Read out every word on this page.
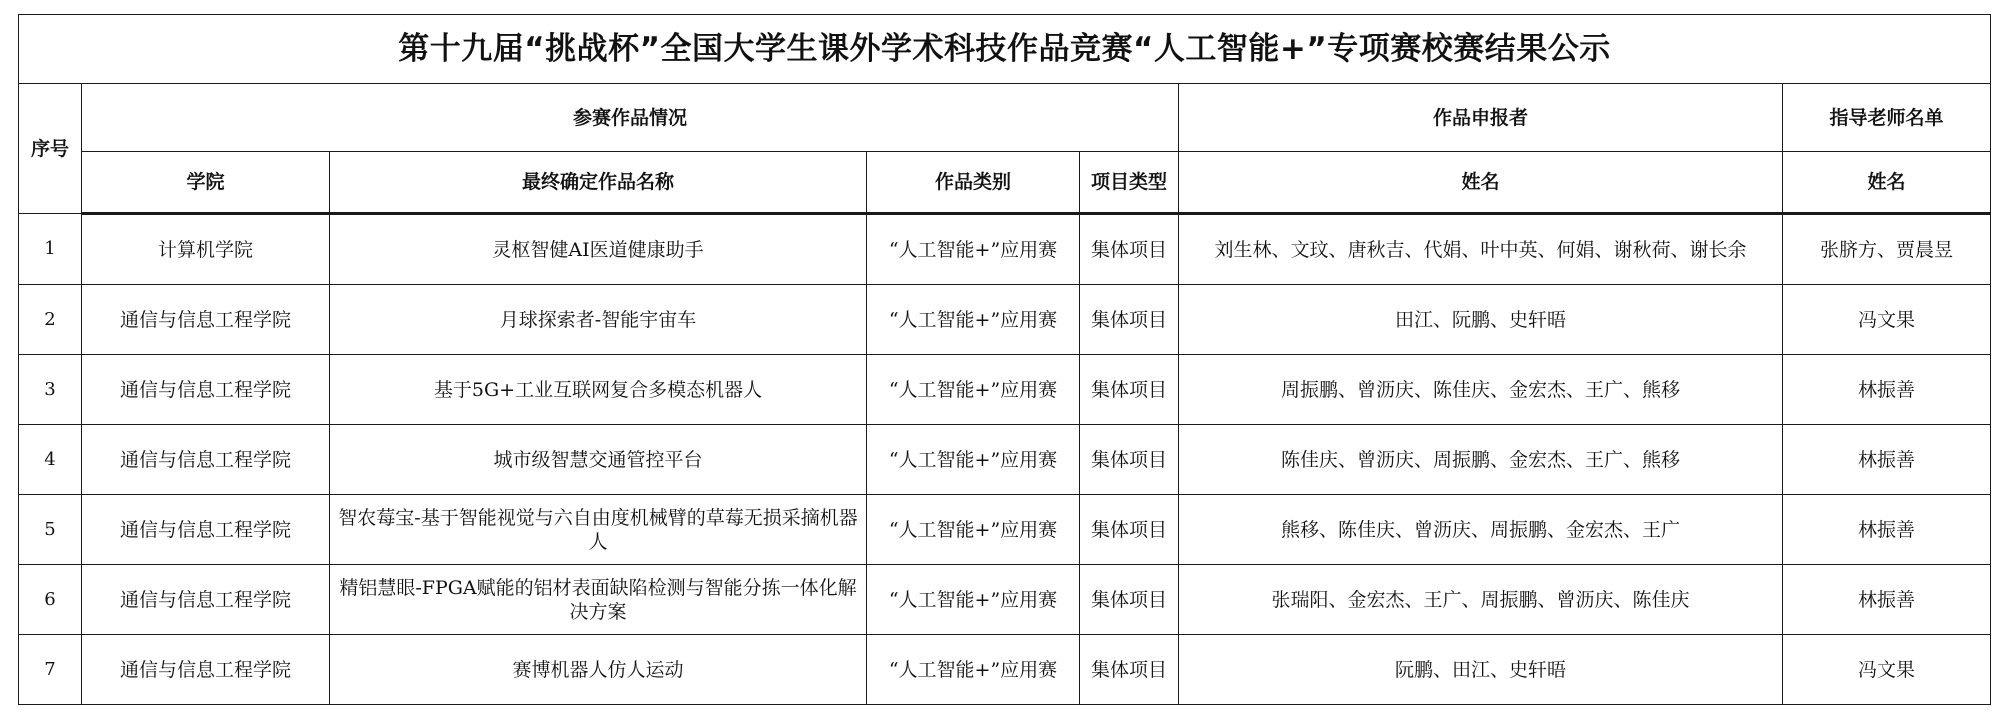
第十九届“挑战杯”全国大学生课外学术科技作品竞赛“人工智能+”专项赛校赛结果公示						
序号	参赛作品情况				作品申报者	指导老师名单
	学院	最终确定作品名称	作品类别	项目类型	姓名	姓名
1	计算机学院	灵枢智健AI医道健康助手	“人工智能+”应用赛	集体项目	刘生林、文玟、唐秋吉、代娟、叶中英、何娟、谢秋荷、谢长余	张脐方、贾晨昱
2	通信与信息工程学院	月球探索者-智能宇宙车	“人工智能+”应用赛	集体项目	田江、阮鹏、史轩晤	冯文果
3	通信与信息工程学院	基于5G+工业互联网复合多模态机器人	“人工智能+”应用赛	集体项目	周振鹏、曾沥庆、陈佳庆、金宏杰、王广、熊移	林振善
4	通信与信息工程学院	城市级智慧交通管控平台	“人工智能+”应用赛	集体项目	陈佳庆、曾沥庆、周振鹏、金宏杰、王广、熊移	林振善
5	通信与信息工程学院	智农莓宝-基于智能视觉与六自由度机械臂的草莓无损采摘机器人	“人工智能+”应用赛	集体项目	熊移、陈佳庆、曾沥庆、周振鹏、金宏杰、王广	林振善
6	通信与信息工程学院	精铝慧眼-FPGA赋能的铝材表面缺陷检测与智能分拣一体化解决方案	“人工智能+”应用赛	集体项目	张瑞阳、金宏杰、王广、周振鹏、曾沥庆、陈佳庆	林振善
7	通信与信息工程学院	赛博机器人仿人运动	“人工智能+”应用赛	集体项目	阮鹏、田江、史轩晤	冯文果
